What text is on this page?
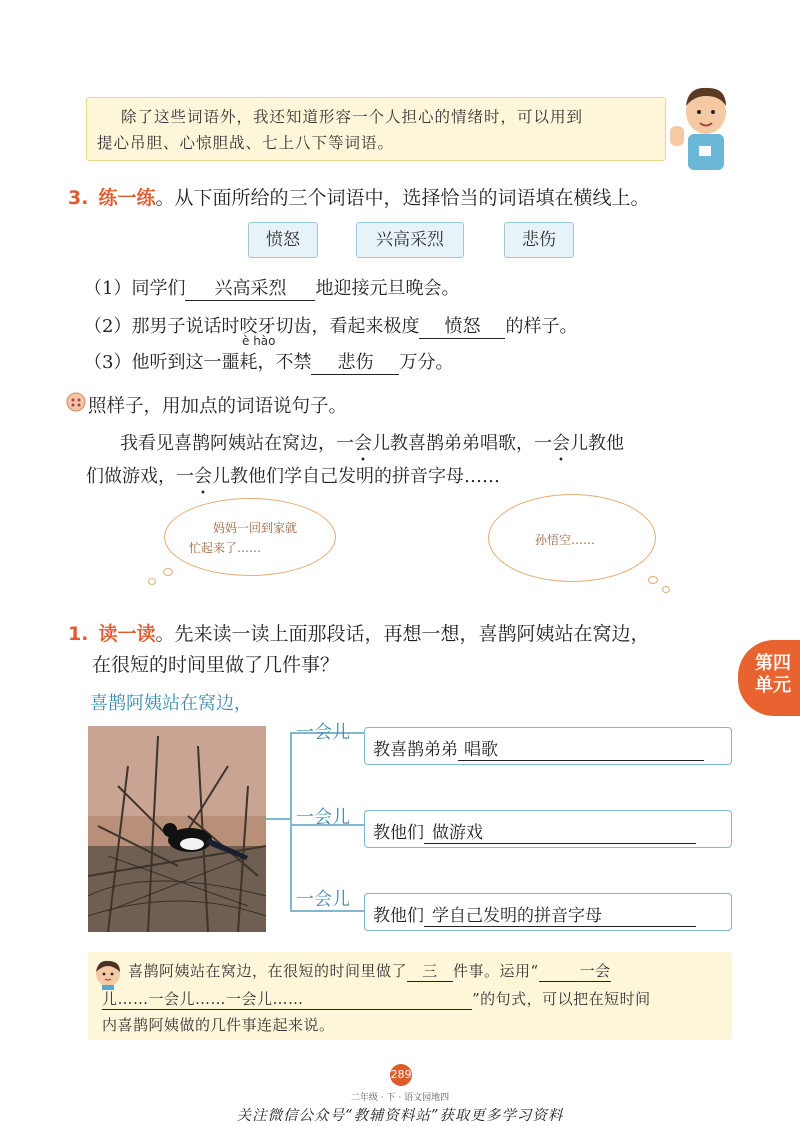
除了这些词语外，我还知道形容一个人担心的情绪时，可以用到
提心吊胆、心惊胆战、七上八下等词语。
3. 练一练。从下面所给的三个词语中，选择恰当的词语填在横线上。
愤怒	兴高采烈	悲伤
（1）同学们 兴高采烈 地迎接元旦晚会。
（2）那男子说话时咬牙切齿，看起来极度 愤怒 的样子。
è hào
（3）他听到这一噩耗，不禁 悲伤 万分。
照样子，用加点的词语说句子。
我看见喜鹊阿姨站在窝边，一会儿教喜鹊弟弟唱歌，一会儿教他
们做游戏，一会儿教他们学自己发明的拼音字母……
妈妈一回到家就
忙起来了……
孙悟空……
1. 读一读。先来读一读上面那段话，再想一想，喜鹊阿姨站在窝边，
在很短的时间里做了几件事？	第四
单元
喜鹊阿姨站在窝边，
一会儿
一会儿
一会儿
教喜鹊弟弟 唱歌
教他们 做游戏
教他们 学自己发明的拼音字母
喜鹊阿姨站在窝边，在很短的时间里做了 三 件事。运用“	一会
儿……一会儿……一会儿……	”的句式，可以把在短时间
内喜鹊阿姨做的几件事连起来说。
289
二年级 · 下 · 语文园地四
关注微信公众号“教辅资料站”获取更多学习资料
